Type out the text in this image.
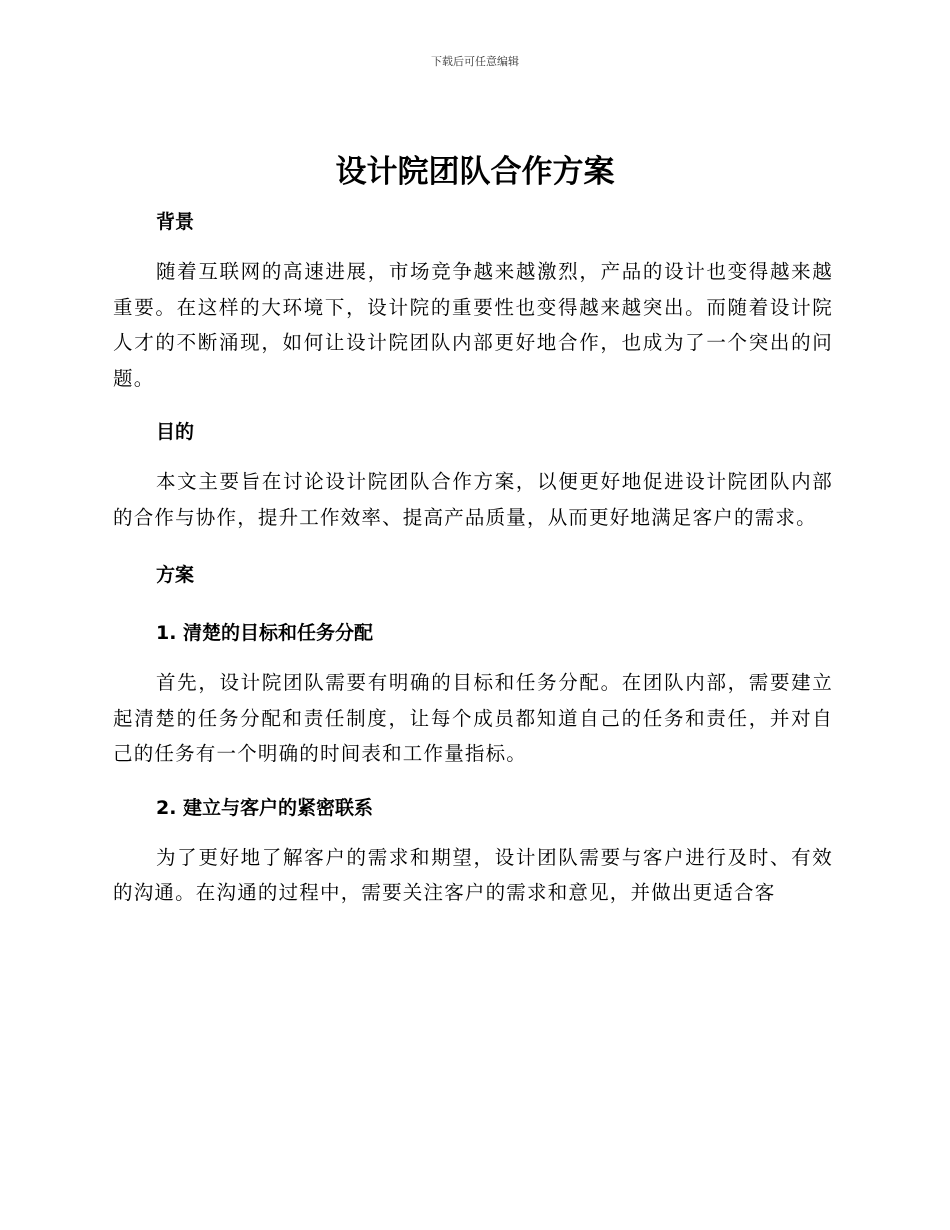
下载后可任意编辑
设计院团队合作方案
背景

随着互联网的高速进展，市场竞争越来越激烈，产品的设计也变得越来越重要。在这样的大环境下，设计院的重要性也变得越来越突出。而随着设计院人才的不断涌现，如何让设计院团队内部更好地合作，也成为了一个突出的问题。

目的

本文主要旨在讨论设计院团队合作方案，以便更好地促进设计院团队内部的合作与协作，提升工作效率、提高产品质量，从而更好地满足客户的需求。

方案
1. 清楚的目标和任务分配

首先，设计院团队需要有明确的目标和任务分配。在团队内部，需要建立起清楚的任务分配和责任制度，让每个成员都知道自己的任务和责任，并对自己的任务有一个明确的时间表和工作量指标。

2. 建立与客户的紧密联系

为了更好地了解客户的需求和期望，设计团队需要与客户进行及时、有效的沟通。在沟通的过程中，需要关注客户的需求和意见，并做出更适合客
